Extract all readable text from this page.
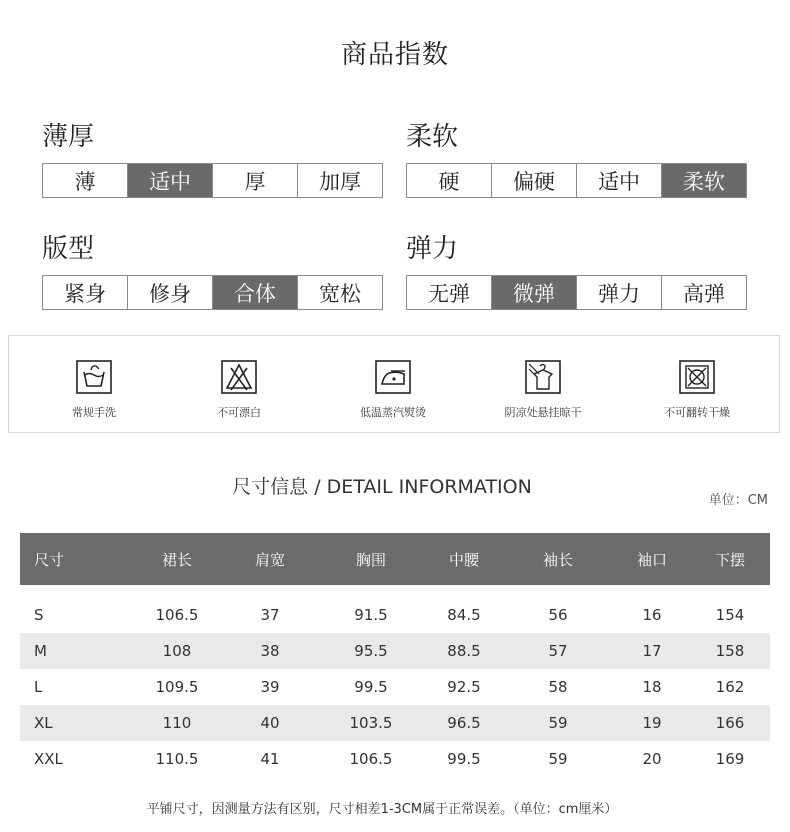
商品指数
薄厚
薄	适中	厚	加厚
柔软
硬	偏硬	适中	柔软
版型
紧身	修身	合体	宽松
弹力
无弹	微弹	弹力	高弹
常规手洗	不可漂白	低温蒸汽熨烫	阴凉处悬挂晾干	不可翻转干燥
尺寸信息 / DETAIL INFORMATION
单位：CM
尺寸	裙长	肩宽	胸围	中腰	袖长	袖口	下摆

S	106.5	37	91.5	84.5	56	16	154
M	108	38	95.5	88.5	57	17	158
L	109.5	39	99.5	92.5	58	18	162
XL	110	40	103.5	96.5	59	19	166
XXL	110.5	41	106.5	99.5	59	20	169
平铺尺寸，因测量方法有区别，尺寸相差1-3CM属于正常误差。（单位：cm厘米）
